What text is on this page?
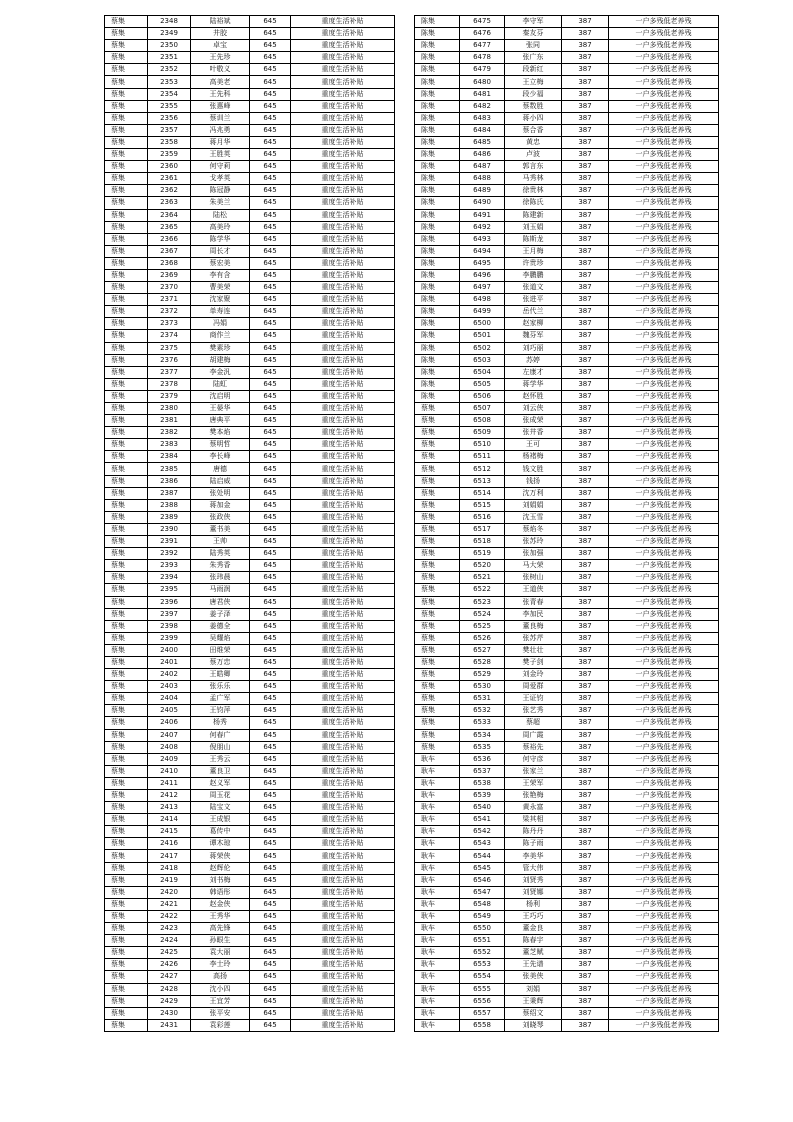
蔡集	2348	陆裕斌	645	重度生活补贴
蔡集	2349	井胶	645	重度生活补贴
蔡集	2350	卓宝	645	重度生活补贴
蔡集	2351	王先珍	645	重度生活补贴
蔡集	2352	叶敬义	645	重度生活补贴
蔡集	2353	高美老	645	重度生活补贴
蔡集	2354	王先科	645	重度生活补贴
蔡集	2355	张惠峰	645	重度生活补贴
蔡集	2356	蔡训兰	645	重度生活补贴
蔡集	2357	冯兆勇	645	重度生活补贴
蔡集	2358	蒋月华	645	重度生活补贴
蔡集	2359	王胜英	645	重度生活补贴
蔡集	2360	何守莉	645	重度生活补贴
蔡集	2361	戈孝英	645	重度生活补贴
蔡集	2362	陈冠静	645	重度生活补贴
蔡集	2363	朱美兰	645	重度生活补贴
蔡集	2364	陆松	645	重度生活补贴
蔡集	2365	高美玲	645	重度生活补贴
蔡集	2366	陈学华	645	重度生活补贴
蔡集	2367	周长才	645	重度生活补贴
蔡集	2368	蔡宏美	645	重度生活补贴
蔡集	2369	李有含	645	重度生活补贴
蔡集	2370	曹美荣	645	重度生活补贴
蔡集	2371	沈家聚	645	重度生活补贴
蔡集	2372	单寿连	645	重度生活补贴
蔡集	2373	冯娟	645	重度生活补贴
蔡集	2374	商作兰	645	重度生活补贴
蔡集	2375	樊素珍	645	重度生活补贴
蔡集	2376	胡建梅	645	重度生活补贴
蔡集	2377	李金汎	645	重度生活补贴
蔡集	2378	陆虹	645	重度生活补贴
蔡集	2379	沈启明	645	重度生活补贴
蔡集	2380	王晏华	645	重度生活补贴
蔡集	2381	唐典平	645	重度生活补贴
蔡集	2382	樊本焰	645	重度生活补贴
蔡集	2383	蔡明哲	645	重度生活补贴
蔡集	2384	李长峰	645	重度生活补贴
蔡集	2385	唐德	645	重度生活补贴
蔡集	2386	陆启威	645	重度生活补贴
蔡集	2387	张处明	645	重度生活补贴
蔡集	2388	蒋加金	645	重度生活补贴
蔡集	2389	张政侠	645	重度生活补贴
蔡集	2390	董书美	645	重度生活补贴
蔡集	2391	王帅	645	重度生活补贴
蔡集	2392	陆秀英	645	重度生活补贴
蔡集	2393	朱秀香	645	重度生活补贴
蔡集	2394	张玮晨	645	重度生活补贴
蔡集	2395	马雨润	645	重度生活补贴
蔡集	2396	唐君侠	645	重度生活补贴
蔡集	2397	姜子泽	645	重度生活补贴
蔡集	2398	姜德全	645	重度生活补贴
蔡集	2399	吴耀焰	645	重度生活补贴
蔡集	2400	田维荣	645	重度生活补贴
蔡集	2401	蔡万忠	645	重度生活补贴
蔡集	2402	王皓卿	645	重度生活补贴
蔡集	2403	张乐乐	645	重度生活补贴
蔡集	2404	孟广军	645	重度生活补贴
蔡集	2405	王钧萍	645	重度生活补贴
蔡集	2406	杨秀	645	重度生活补贴
蔡集	2407	何春广	645	重度生活补贴
蔡集	2408	倪朋山	645	重度生活补贴
蔡集	2409	王秀云	645	重度生活补贴
蔡集	2410	董良卫	645	重度生活补贴
蔡集	2411	赵义军	645	重度生活补贴
蔡集	2412	周玉花	645	重度生活补贴
蔡集	2413	陆宝文	645	重度生活补贴
蔡集	2414	王成银	645	重度生活补贴
蔡集	2415	葛传中	645	重度生活补贴
蔡集	2416	谭木琼	645	重度生活补贴
蔡集	2417	蒋荣侠	645	重度生活补贴
蔡集	2418	赵辉伦	645	重度生活补贴
蔡集	2419	刘书梅	645	重度生活补贴
蔡集	2420	韩语彤	645	重度生活补贴
蔡集	2421	赵金侠	645	重度生活补贴
蔡集	2422	王秀华	645	重度生活补贴
蔡集	2423	高先锋	645	重度生活补贴
蔡集	2424	孙眼生	645	重度生活补贴
蔡集	2425	袁大丽	645	重度生活补贴
蔡集	2426	李士玲	645	重度生活补贴
蔡集	2427	高扬	645	重度生活补贴
蔡集	2428	沈小四	645	重度生活补贴
蔡集	2429	王宜芳	645	重度生活补贴
蔡集	2430	张平安	645	重度生活补贴
蔡集	2431	袁彩莲	645	重度生活补贴
陈集	6475	李守军	387	一户多残低老养残
陈集	6476	秦友芬	387	一户多残低老养残
陈集	6477	张同	387	一户多残低老养残
陈集	6478	张广东	387	一户多残低老养残
陈集	6479	段新红	387	一户多残低老养残
陈集	6480	王立梅	387	一户多残低老养残
陈集	6481	段少福	387	一户多残低老养残
陈集	6482	蔡数胜	387	一户多残低老养残
陈集	6483	蒋小四	387	一户多残低老养残
陈集	6484	蔡合香	387	一户多残低老养残
陈集	6485	黄忠	387	一户多残低老养残
陈集	6486	卢波	387	一户多残低老养残
陈集	6487	郭言东	387	一户多残低老养残
陈集	6488	马秀林	387	一户多残低老养残
陈集	6489	徐贵林	387	一户多残低老养残
陈集	6490	徐陈氏	387	一户多残低老养残
陈集	6491	陈建新	387	一户多残低老养残
陈集	6492	刘玉娟	387	一户多残低老养残
陈集	6493	陈斯龙	387	一户多残低老养残
陈集	6494	王月梅	387	一户多残低老养残
陈集	6495	许贵珍	387	一户多残低老养残
陈集	6496	李鹏鹏	387	一户多残低老养残
陈集	6497	张道文	387	一户多残低老养残
陈集	6498	张进平	387	一户多残低老养残
陈集	6499	岳代兰	387	一户多残低老养残
陈集	6500	赵家柳	387	一户多残低老养残
陈集	6501	魏芬军	387	一户多残低老养残
陈集	6502	刘巧丽	387	一户多残低老养残
陈集	6503	苏婷	387	一户多残低老养残
陈集	6504	左康才	387	一户多残低老养残
陈集	6505	蒋学华	387	一户多残低老养残
陈集	6506	赵怀胜	387	一户多残低老养残
蔡集	6507	刘云侠	387	一户多残低老养残
蔡集	6508	张成荣	387	一户多残低老养残
蔡集	6509	张井香	387	一户多残低老养残
蔡集	6510	王可	387	一户多残低老养残
蔡集	6511	杨褚梅	387	一户多残低老养残
蔡集	6512	钱文胜	387	一户多残低老养残
蔡集	6513	钱扬	387	一户多残低老养残
蔡集	6514	沈万利	387	一户多残低老养残
蔡集	6515	刘娟娟	387	一户多残低老养残
蔡集	6516	沈玉雪	387	一户多残低老养残
蔡集	6517	蔡焰冬	387	一户多残低老养残
蔡集	6518	张苏玲	387	一户多残低老养残
蔡集	6519	张加强	387	一户多残低老养残
蔡集	6520	马大荣	387	一户多残低老养残
蔡集	6521	张树山	387	一户多残低老养残
蔡集	6522	王道侠	387	一户多残低老养残
蔡集	6523	张青春	387	一户多残低老养残
蔡集	6524	李加民	387	一户多残低老养残
蔡集	6525	董良梅	387	一户多残低老养残
蔡集	6526	张苏芹	387	一户多残低老养残
蔡集	6527	樊壮壮	387	一户多残低老养残
蔡集	6528	樊子剑	387	一户多残低老养残
蔡集	6529	刘金玲	387	一户多残低老养残
蔡集	6530	周爱群	387	一户多残低老养残
蔡集	6531	王证钧	387	一户多残低老养残
蔡集	6532	张艺秀	387	一户多残低老养残
蔡集	6533	蔡超	387	一户多残低老养残
蔡集	6534	周广霞	387	一户多残低老养残
蔡集	6535	蔡裕先	387	一户多残低老养残
耿车	6536	何守彦	387	一户多残低老养残
耿车	6537	张家兰	387	一户多残低老养残
耿车	6538	王荣军	387	一户多残低老养残
耿车	6539	张艳梅	387	一户多残低老养残
耿车	6540	黄永富	387	一户多残低老养残
耿车	6541	梁其相	387	一户多残低老养残
耿车	6542	陈丹丹	387	一户多残低老养残
耿车	6543	陈子雨	387	一户多残低老养残
耿车	6544	李美华	387	一户多残低老养残
耿车	6545	管大伟	387	一户多残低老养残
耿车	6546	刘贤秀	387	一户多残低老养残
耿车	6547	刘贤娜	387	一户多残低老养残
耿车	6548	杨利	387	一户多残低老养残
耿车	6549	王巧巧	387	一户多残低老养残
耿车	6550	董金良	387	一户多残低老养残
耿车	6551	陈春宇	387	一户多残低老养残
耿车	6552	董芝赋	387	一户多残低老养残
耿车	6553	王先谱	387	一户多残低老养残
耿车	6554	张美侠	387	一户多残低老养残
耿车	6555	刘娟	387	一户多残低老养残
耿车	6556	王秉辉	387	一户多残低老养残
耿车	6557	蔡绍文	387	一户多残低老养残
耿车	6558	刘晓琴	387	一户多残低老养残
